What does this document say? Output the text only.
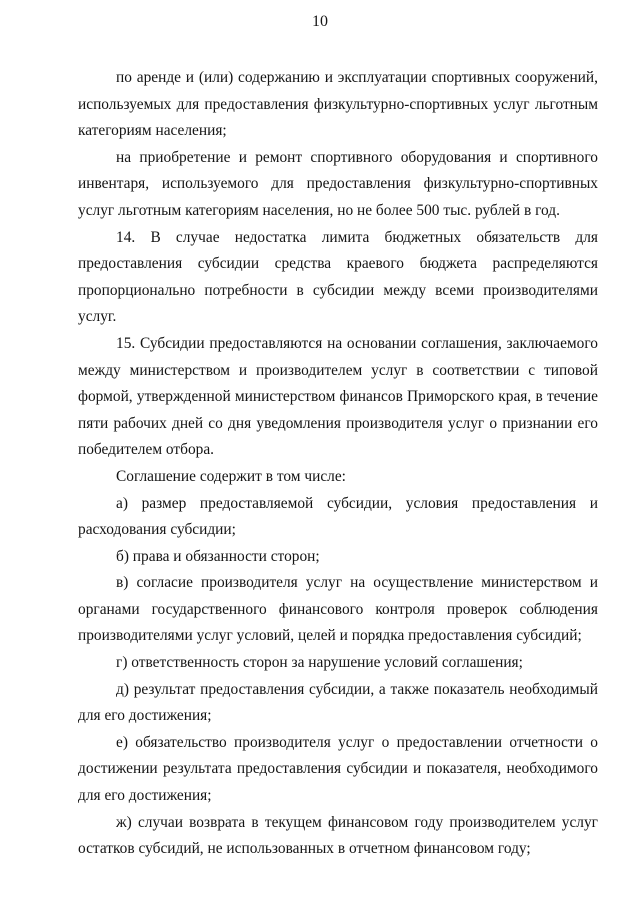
10

по аренде и (или) содержанию и эксплуатации спортивных сооружений, используемых для предоставления физкультурно-спортивных услуг льготным категориям населения;

на приобретение и ремонт спортивного оборудования и спортивного инвентаря, используемого для предоставления физкультурно-спортивных услуг льготным категориям населения, но не более 500 тыс. рублей в год.

14. В случае недостатка лимита бюджетных обязательств для предоставления субсидии средства краевого бюджета распределяются пропорционально потребности в субсидии между всеми производителями услуг.

15. Субсидии предоставляются на основании соглашения, заключаемого между министерством и производителем услуг в соответствии с типовой формой, утвержденной министерством финансов Приморского края, в течение пяти рабочих дней со дня уведомления производителя услуг о признании его победителем отбора.

Соглашение содержит в том числе:

а) размер предоставляемой субсидии, условия предоставления и расходования субсидии;

б) права и обязанности сторон;

в) согласие производителя услуг на осуществление министерством и органами государственного финансового контроля проверок соблюдения производителями услуг условий, целей и порядка предоставления субсидий;

г) ответственность сторон за нарушение условий соглашения;

д) результат предоставления субсидии, а также показатель необходимый для его достижения;

е) обязательство производителя услуг о предоставлении отчетности о достижении результата предоставления субсидии и показателя, необходимого для его достижения;

ж) случаи возврата в текущем финансовом году производителем услуг остатков субсидий, не использованных в отчетном финансовом году;
